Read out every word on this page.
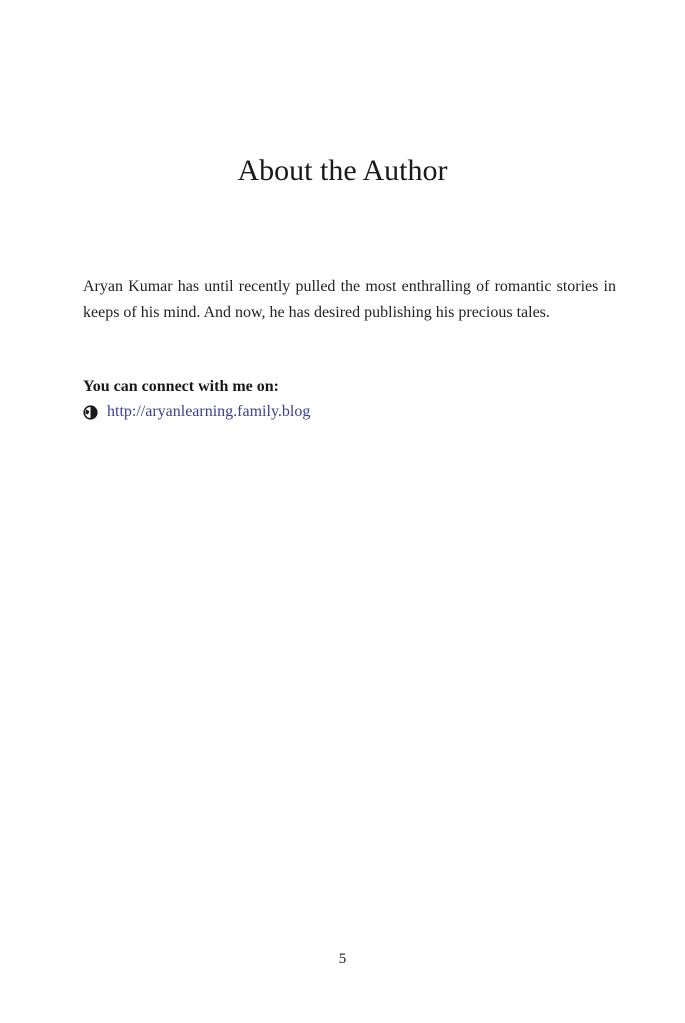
About the Author

Aryan Kumar has until recently pulled the most enthralling of romantic stories in keeps of his mind. And now, he has desired publishing his precious tales.

You can connect with me on:

http://aryanlearning.family.blog

5
